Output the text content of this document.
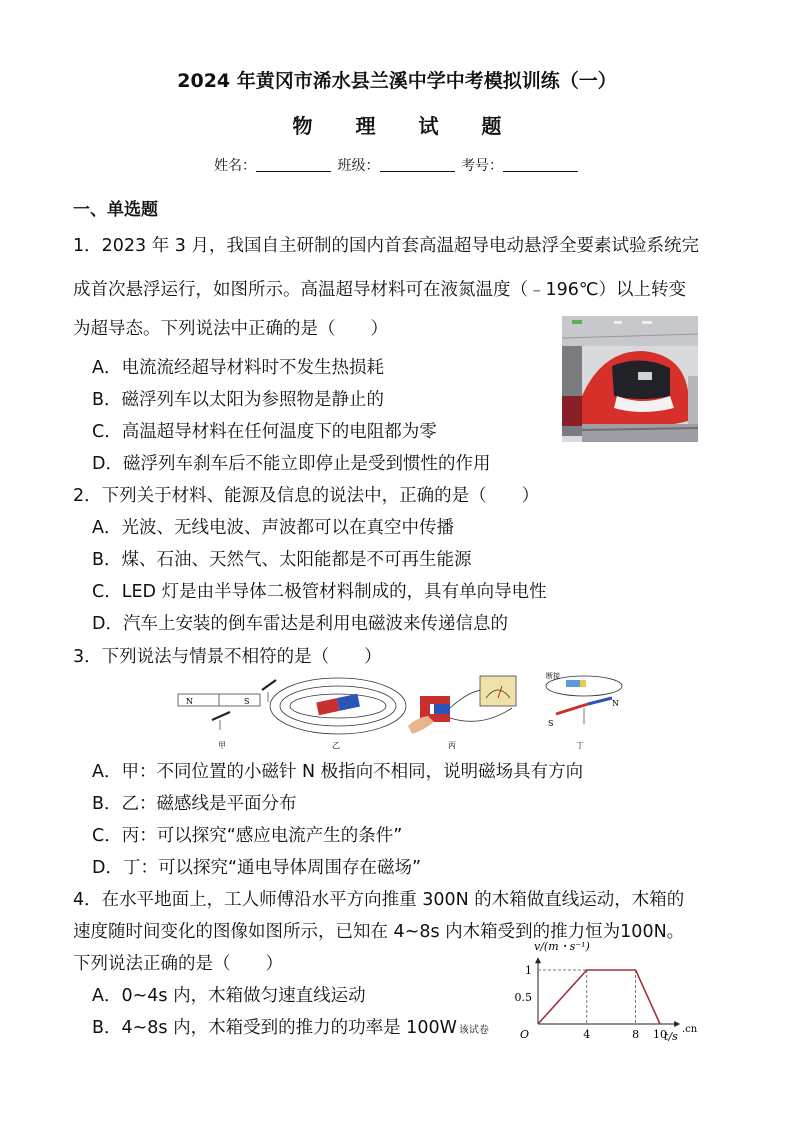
2024 年黄冈市浠水县兰溪中学中考模拟训练（一）
物 理 试 题
姓名：	班级：	考号：
一、单选题
1．2023 年 3 月，我国自主研制的国内首套高温超导电动悬浮全要素试验系统完
成首次悬浮运行，如图所示。高温超导材料可在液氮温度（﹣196℃）以上转变
为超导态。下列说法中正确的是（　　）
A．电流流经超导材料时不发生热损耗
B．磁浮列车以太阳为参照物是静止的
C．高温超导材料在任何温度下的电阻都为零
D．磁浮列车刹车后不能立即停止是受到惯性的作用
2．下列关于材料、能源及信息的说法中，正确的是（　　）
A．光波、无线电波、声波都可以在真空中传播
B．煤、石油、天然气、太阳能都是不可再生能源
C．LED 灯是由半导体二极管材料制成的，具有单向导电性
D．汽车上安装的倒车雷达是利用电磁波来传递信息的
3．下列说法与情景不相符的是（　　）
N	S
甲	乙	丙
断接
S
N
丁
A．甲：不同位置的小磁针 N 极指向不相同，说明磁场具有方向
B．乙：磁感线是平面分布
C．丙：可以探究“感应电流产生的条件”
D．丁：可以探究“通电导体周围存在磁场”
4．在水平地面上，工人师傅沿水平方向推重 300N 的木箱做直线运动，木箱的
速度随时间变化的图像如图所示，已知在 4~8s 内木箱受到的推力恒为100N。
下列说法正确的是（　　）
A．0~4s 内，木箱做匀速直线运动
B．4~8s 内，木箱受到的推力的功率是 100W 该试卷
v/(m・s⁻¹)
O	t/s
.cn
0.5
1
4	8 10
